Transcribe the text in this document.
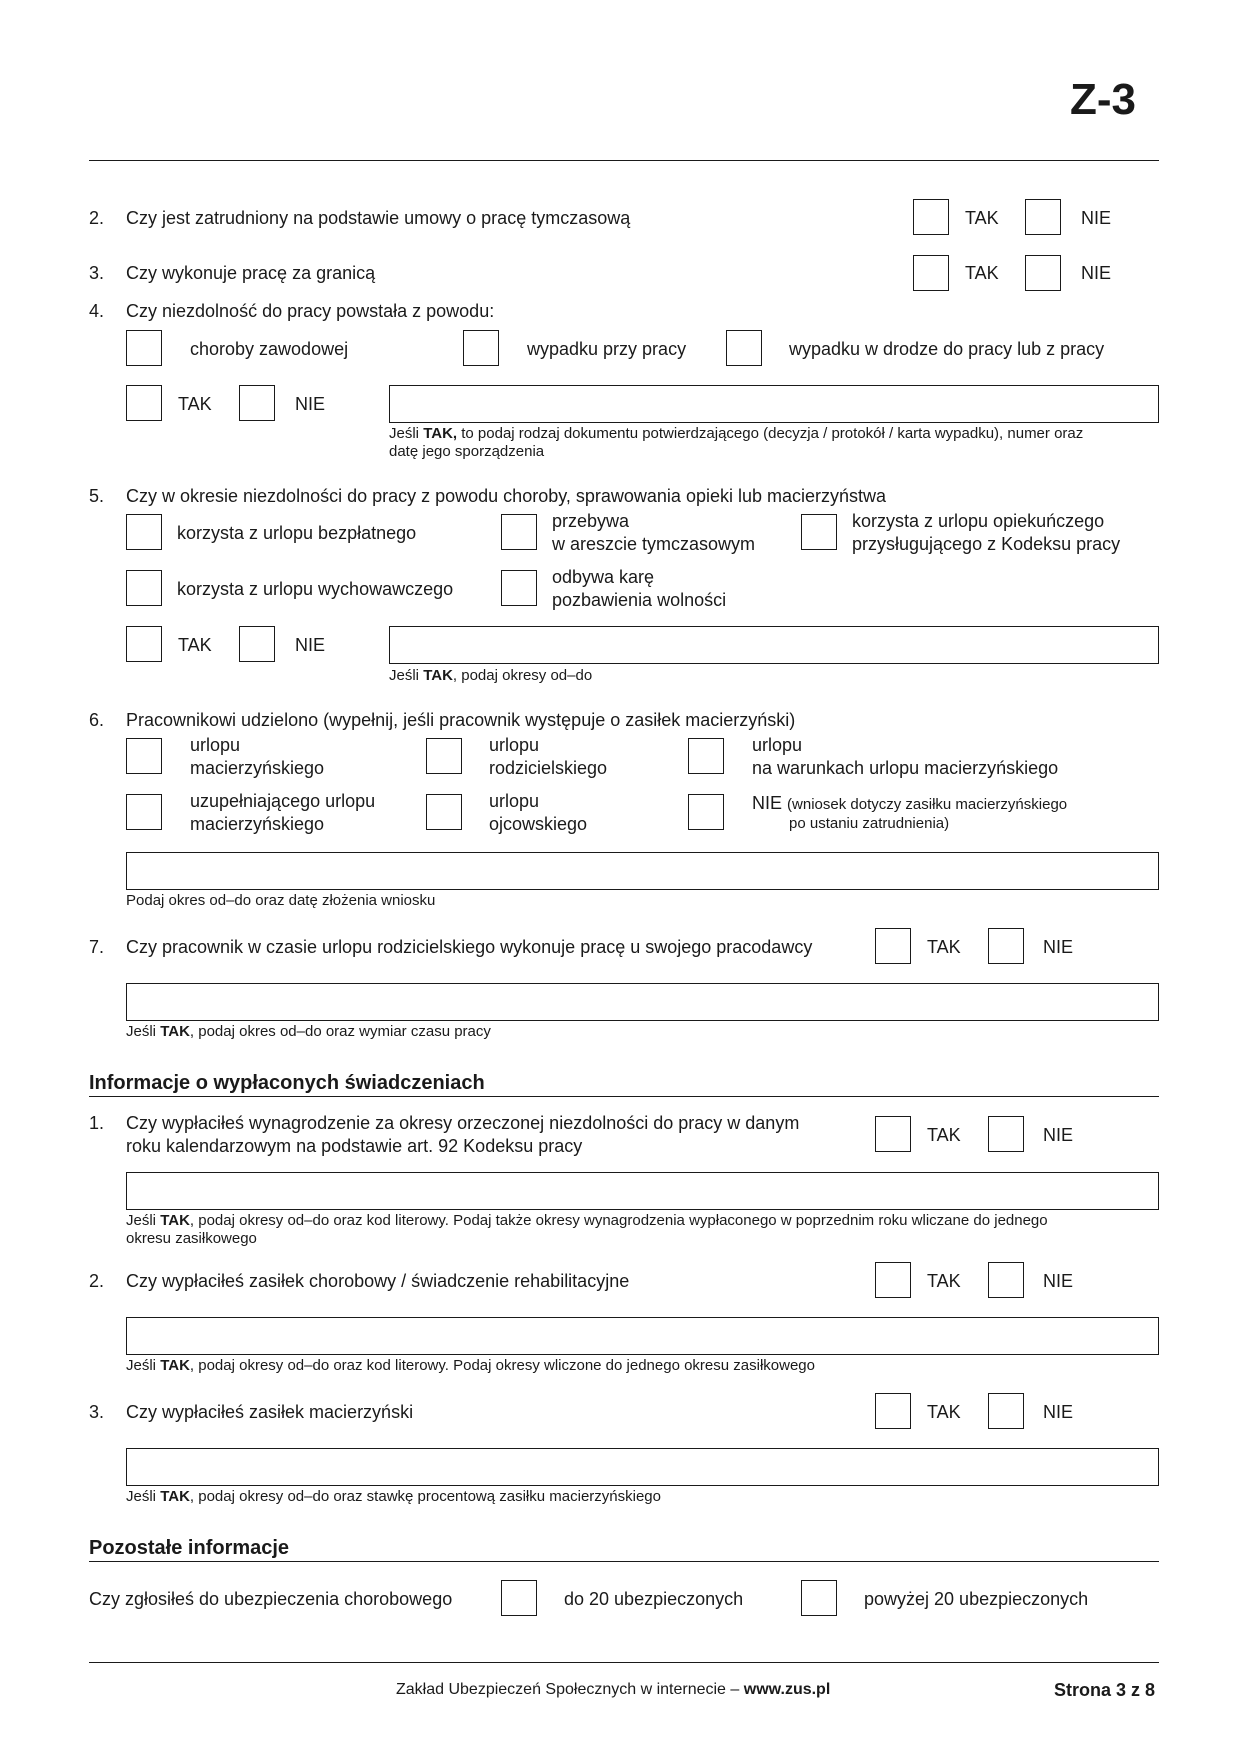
Z-3
2. Czy jest zatrudniony na podstawie umowy o pracę tymczasową	TAK	NIE
3. Czy wykonuje pracę za granicą	TAK	NIE
4. Czy niezdolność do pracy powstała z powodu:
choroby zawodowej	wypadku przy pracy	wypadku w drodze do pracy lub z pracy
TAK	NIE
Jeśli TAK, to podaj rodzaj dokumentu potwierdzającego (decyzja / protokół / karta wypadku), numer oraz
datę jego sporządzenia
5. Czy w okresie niezdolności do pracy z powodu choroby, sprawowania opieki lub macierzyństwa
korzysta z urlopu bezpłatnego
przebywa
w areszcie tymczasowym
korzysta z urlopu opiekuńczego
przysługującego z Kodeksu pracy
korzysta z urlopu wychowawczego
odbywa karę
pozbawienia wolności
TAK	NIE
Jeśli TAK, podaj okresy od–do
6. Pracownikowi udzielono (wypełnij, jeśli pracownik występuje o zasiłek macierzyński)
urlopu
macierzyńskiego
urlopu
rodzicielskiego
urlopu
na warunkach urlopu macierzyńskiego
uzupełniającego urlopu
macierzyńskiego
urlopu
ojcowskiego
NIE (wniosek dotyczy zasiłku macierzyńskiego
po ustaniu zatrudnienia)
Podaj okres od–do oraz datę złożenia wniosku
7. Czy pracownik w czasie urlopu rodzicielskiego wykonuje pracę u swojego pracodawcy	TAK	NIE
Jeśli TAK, podaj okres od–do oraz wymiar czasu pracy
Informacje o wypłaconych świadczeniach
1. Czy wypłaciłeś wynagrodzenie za okresy orzeczonej niezdolności do pracy w danym
roku kalendarzowym na podstawie art. 92 Kodeksu pracy
TAK	NIE
Jeśli TAK, podaj okresy od–do oraz kod literowy. Podaj także okresy wynagrodzenia wypłaconego w poprzednim roku wliczane do jednego
okresu zasiłkowego
2. Czy wypłaciłeś zasiłek chorobowy / świadczenie rehabilitacyjne	TAK	NIE
Jeśli TAK, podaj okresy od–do oraz kod literowy. Podaj okresy wliczone do jednego okresu zasiłkowego
3. Czy wypłaciłeś zasiłek macierzyński	TAK	NIE
Jeśli TAK, podaj okresy od–do oraz stawkę procentową zasiłku macierzyńskiego
Pozostałe informacje
Czy zgłosiłeś do ubezpieczenia chorobowego	do 20 ubezpieczonych	powyżej 20 ubezpieczonych
Zakład Ubezpieczeń Społecznych w internecie – www.zus.pl	Strona 3 z 8
